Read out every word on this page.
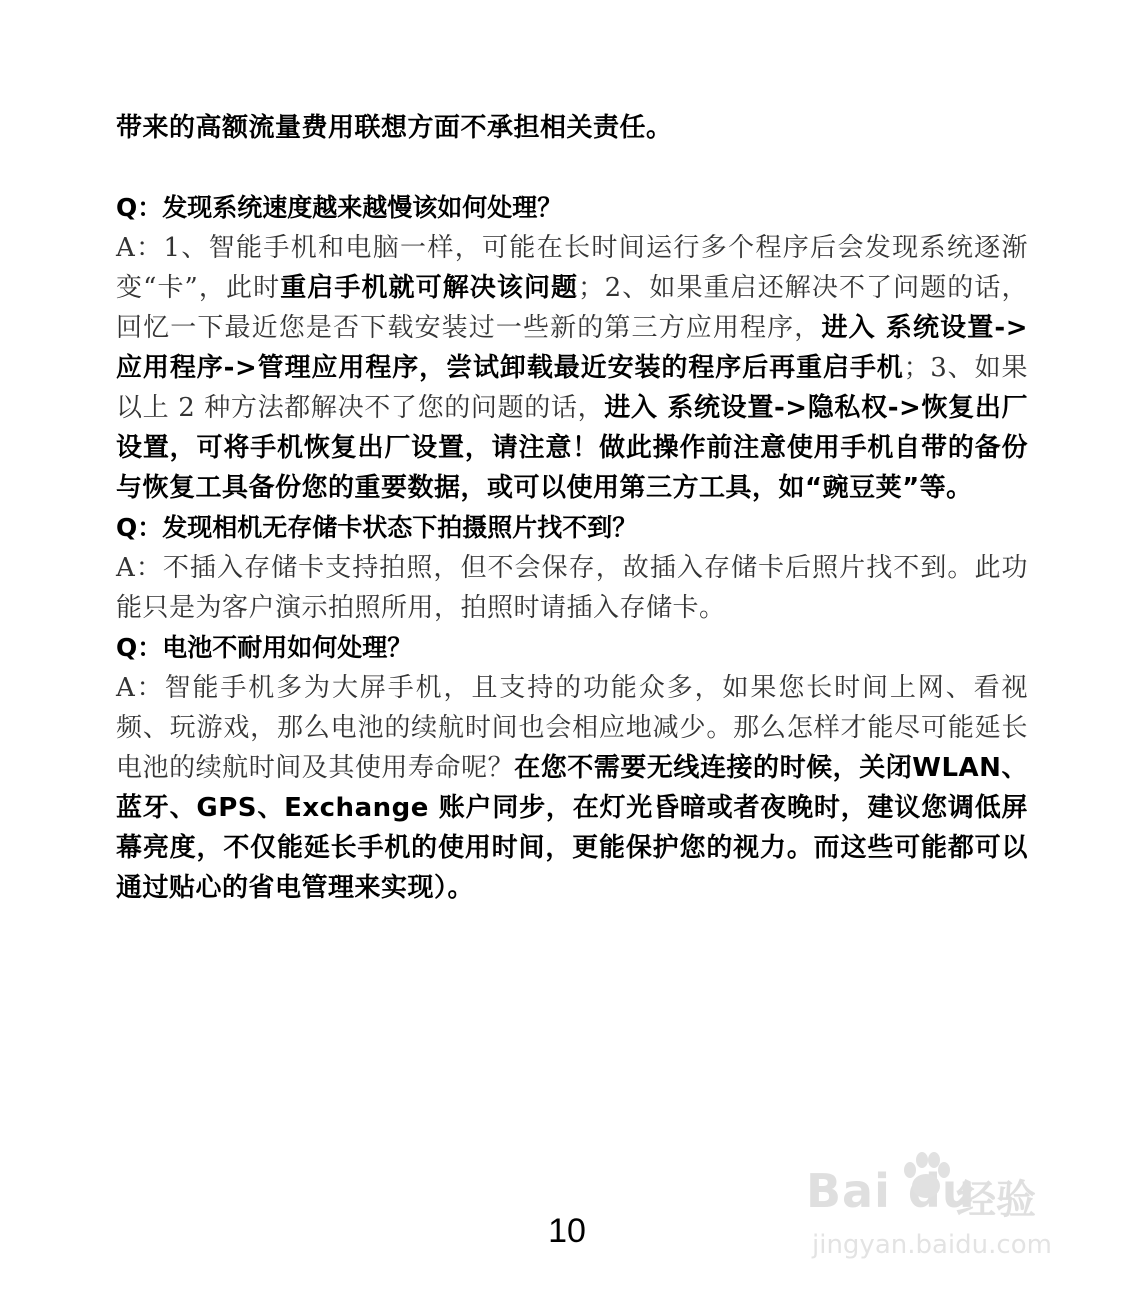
带来的高额流量费用联想方面不承担相关责任。

Q：发现系统速度越来越慢该如何处理？

A：1、智能手机和电脑一样，可能在长时间运行多个程序后会发现系统逐渐变“卡”，此时重启手机就可解决该问题；2、如果重启还解决不了问题的话，回忆一下最近您是否下载安装过一些新的第三方应用程序，进入 系统设置->应用程序->管理应用程序，尝试卸载最近安装的程序后再重启手机；3、如果以上 2 种方法都解决不了您的问题的话，进入 系统设置->隐私权->恢复出厂设置，可将手机恢复出厂设置，请注意！做此操作前注意使用手机自带的备份与恢复工具备份您的重要数据，或可以使用第三方工具，如“豌豆荚”等。

Q：发现相机无存储卡状态下拍摄照片找不到？

A：不插入存储卡支持拍照，但不会保存，故插入存储卡后照片找不到。此功能只是为客户演示拍照所用，拍照时请插入存储卡。

Q：电池不耐用如何处理？

A：智能手机多为大屏手机，且支持的功能众多，如果您长时间上网、看视频、玩游戏，那么电池的续航时间也会相应地减少。那么怎样才能尽可能延长电池的续航时间及其使用寿命呢？在您不需要无线连接的时候，关闭WLAN、蓝牙、GPS、Exchange 账户同步，在灯光昏暗或者夜晚时，建议您调低屏幕亮度，不仅能延长手机的使用时间，更能保护您的视力。而这些可能都可以通过贴心的省电管理来实现）。

Bai du
经验
jingyan.baidu.com
10
